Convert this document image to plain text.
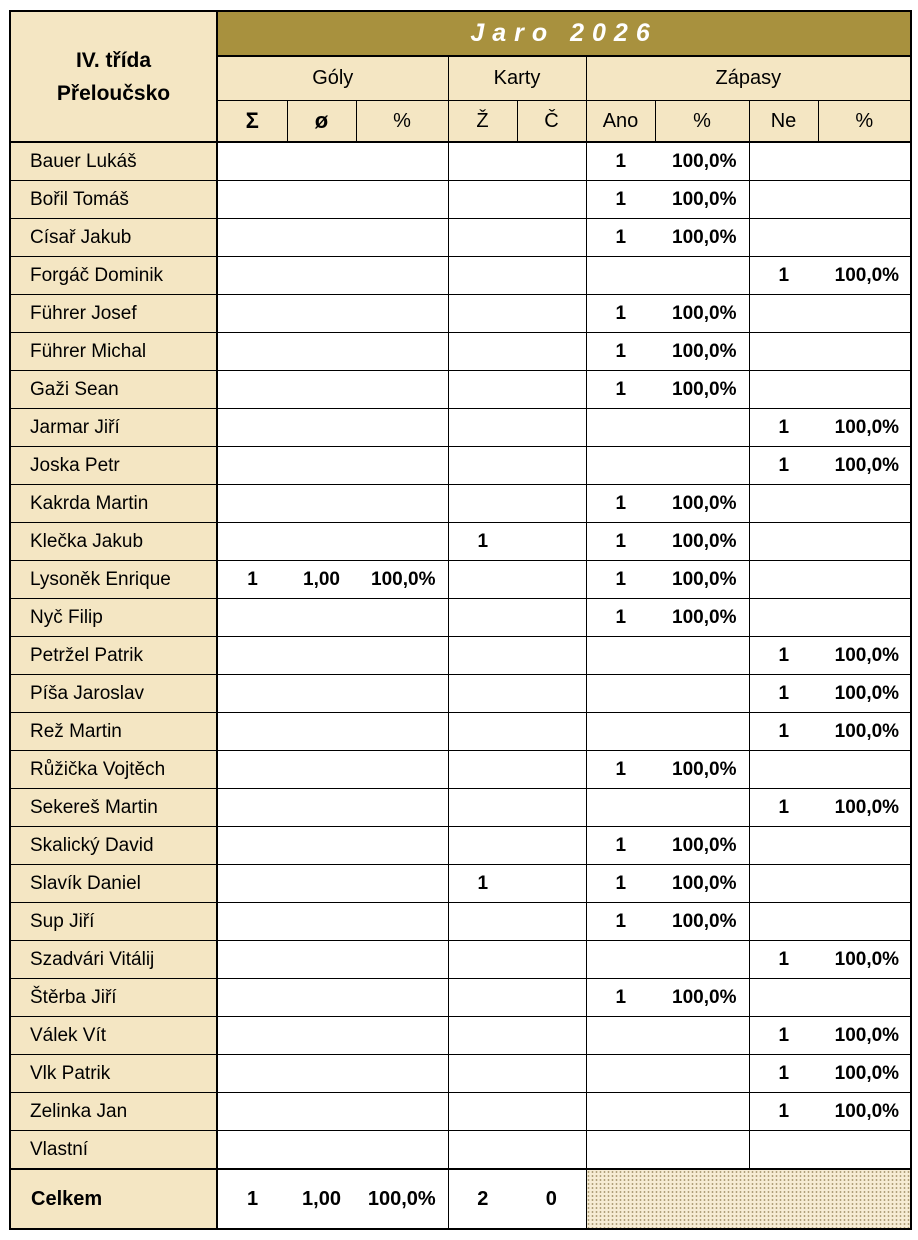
IV. třída
Přeloučsko	Jaro 2026								
	Góly			Karty		Zápasy			
	Σ	ø	%	Ž	Č	Ano	%	Ne	%
Bauer Lukáš						1	100,0%		
Bořil Tomáš						1	100,0%		
Císař Jakub						1	100,0%		
Forgáč Dominik								1	100,0%
Führer Josef						1	100,0%		
Führer Michal						1	100,0%		
Gaži Sean						1	100,0%		
Jarmar Jiří								1	100,0%
Joska Petr								1	100,0%
Kakrda Martin						1	100,0%		
Klečka Jakub				1		1	100,0%		
Lysoněk Enrique	1	1,00	100,0%			1	100,0%		
Nyč Filip						1	100,0%		
Petržel Patrik								1	100,0%
Píša Jaroslav								1	100,0%
Rež Martin								1	100,0%
Růžička Vojtěch						1	100,0%		
Sekereš Martin								1	100,0%
Skalický David						1	100,0%		
Slavík Daniel				1		1	100,0%		
Sup Jiří						1	100,0%		
Szadvári Vitálij								1	100,0%
Štěrba Jiří						1	100,0%		
Válek Vít								1	100,0%
Vlk Patrik								1	100,0%
Zelinka Jan								1	100,0%
Vlastní									
Celkem	1	1,00	100,0%	2	0				
